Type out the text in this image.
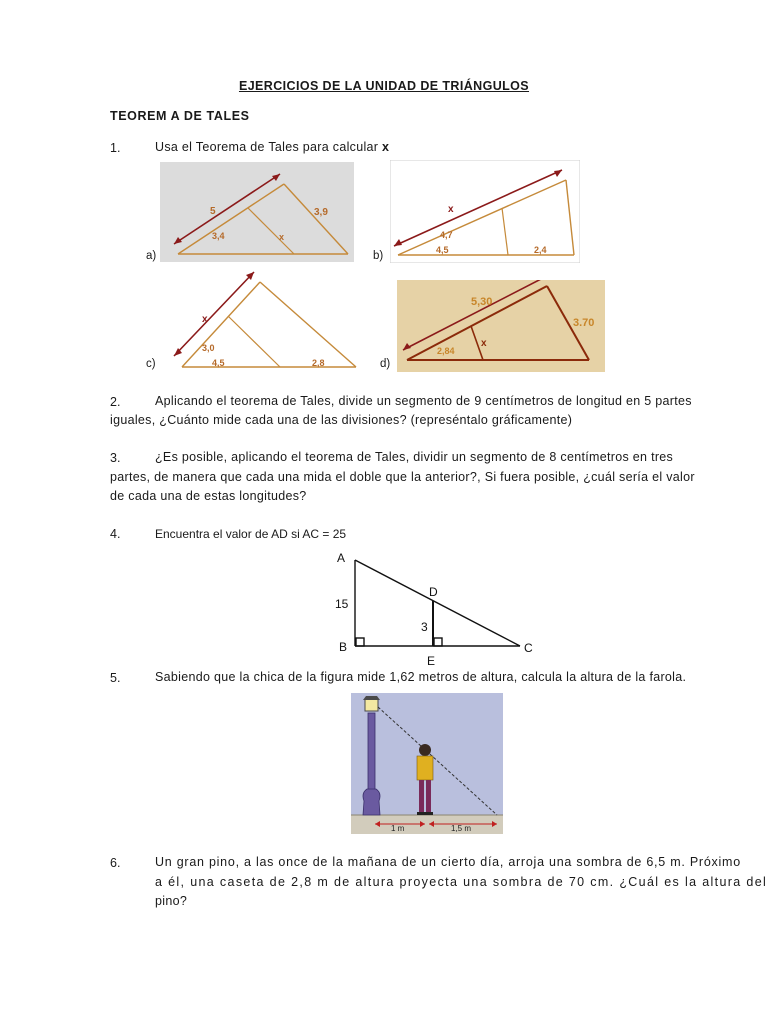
EJERCICIOS DE LA UNIDAD DE TRIÁNGULOS
TEOREM A DE TALES
1.	Usa el Teorema de Tales para calcular x
5	3,9
3,4	x
a)
x
4,7
4,5	2,4
b)
x
3,0
4,5	2,8
c)
5,30
3.70
2,84
x
d)
2.	Aplicando el teorema de Tales, divide un segmento de 9 centímetros de longitud en 5 partes
iguales, ¿Cuánto mide cada una de las divisiones? (represéntalo gráficamente)
3.	¿Es posible, aplicando el teorema de Tales, dividir un segmento de 8 centímetros en tres
partes, de manera que cada una mida el doble que la anterior?, Si fuera posible, ¿cuál sería el valor
de cada una de estas longitudes?
4.	Encuentra el valor de AD si AC = 25
A
B	C
D
E
15
3
5.	Sabiendo que la chica de la figura mide 1,62 metros de altura, calcula la altura de la farola.
1 m	1,5 m
6.	Un gran pino, a las once de la mañana de un cierto día, arroja una sombra de 6,5 m. Próximo
a él, una caseta de 2,8 m de altura proyecta una sombra de 70 cm. ¿Cuál es la altura del
pino?
